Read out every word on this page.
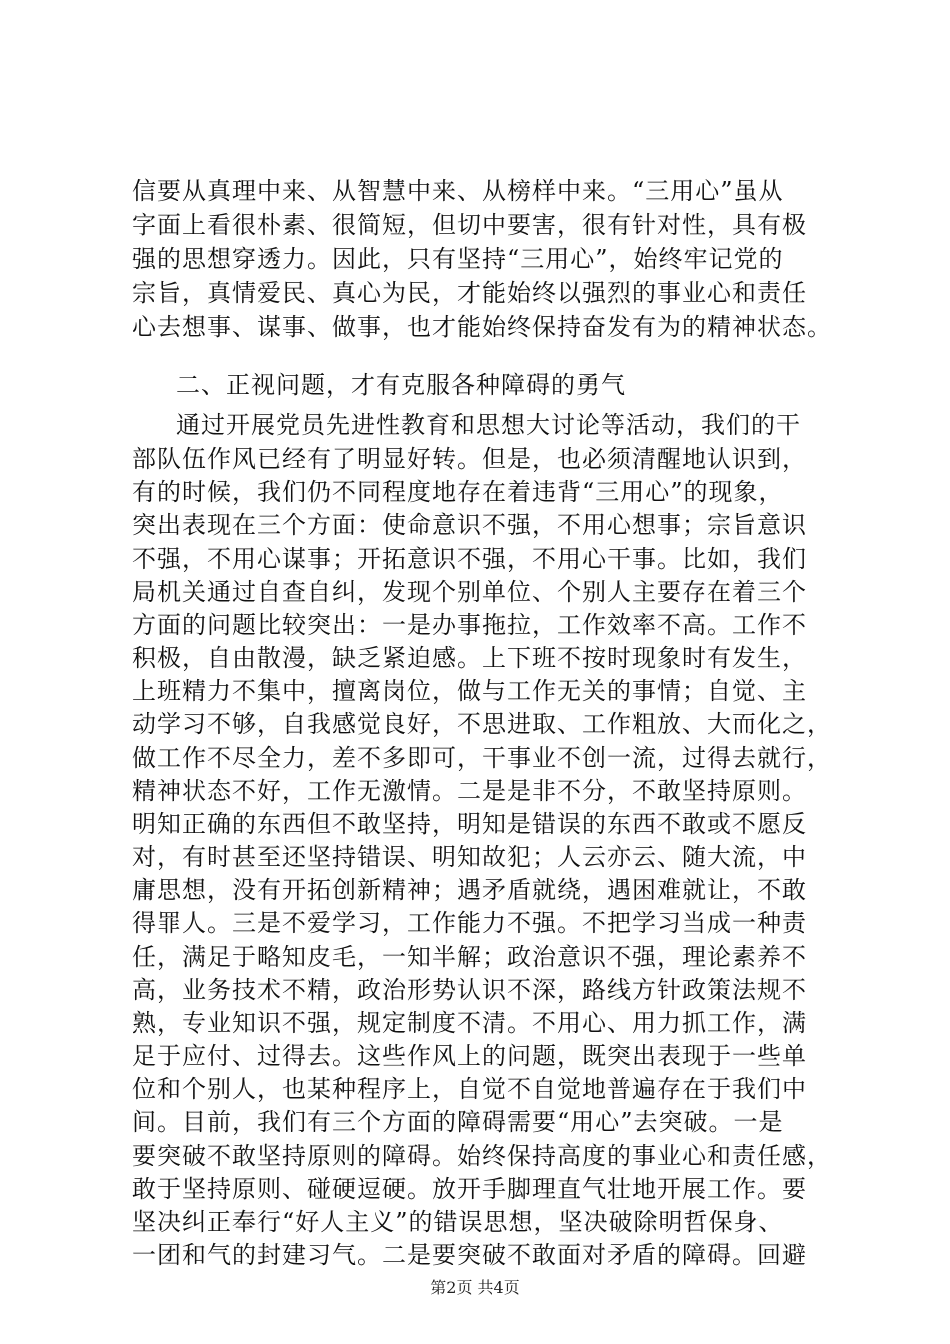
信要从真理中来、从智慧中来、从榜样中来。“三用心”虽从
字面上看很朴素、很简短，但切中要害，很有针对性，具有极
强的思想穿透力。因此，只有坚持“三用心”，始终牢记党的
宗旨，真情爱民、真心为民，才能始终以强烈的事业心和责任
心去想事、谋事、做事，也才能始终保持奋发有为的精神状态。
二、正视问题，才有克服各种障碍的勇气
通过开展党员先进性教育和思想大讨论等活动，我们的干
部队伍作风已经有了明显好转。但是，也必须清醒地认识到，
有的时候，我们仍不同程度地存在着违背“三用心”的现象，
突出表现在三个方面：使命意识不强，不用心想事；宗旨意识
不强，不用心谋事；开拓意识不强，不用心干事。比如，我们
局机关通过自查自纠，发现个别单位、个别人主要存在着三个
方面的问题比较突出：一是办事拖拉，工作效率不高。工作不
积极，自由散漫，缺乏紧迫感。上下班不按时现象时有发生，
上班精力不集中，擅离岗位，做与工作无关的事情；自觉、主
动学习不够，自我感觉良好，不思进取、工作粗放、大而化之，
做工作不尽全力，差不多即可，干事业不创一流，过得去就行，
精神状态不好，工作无激情。二是是非不分，不敢坚持原则。
明知正确的东西但不敢坚持，明知是错误的东西不敢或不愿反
对，有时甚至还坚持错误、明知故犯；人云亦云、随大流，中
庸思想，没有开拓创新精神；遇矛盾就绕，遇困难就让，不敢
得罪人。三是不爱学习，工作能力不强。不把学习当成一种责
任，满足于略知皮毛，一知半解；政治意识不强，理论素养不
高，业务技术不精，政治形势认识不深，路线方针政策法规不
熟，专业知识不强，规定制度不清。不用心、用力抓工作，满
足于应付、过得去。这些作风上的问题，既突出表现于一些单
位和个别人，也某种程序上，自觉不自觉地普遍存在于我们中
间。目前，我们有三个方面的障碍需要“用心”去突破。一是
要突破不敢坚持原则的障碍。始终保持高度的事业心和责任感，
敢于坚持原则、碰硬逗硬。放开手脚理直气壮地开展工作。要
坚决纠正奉行“好人主义”的错误思想，坚决破除明哲保身、
一团和气的封建习气。二是要突破不敢面对矛盾的障碍。回避
第2页 共4页
